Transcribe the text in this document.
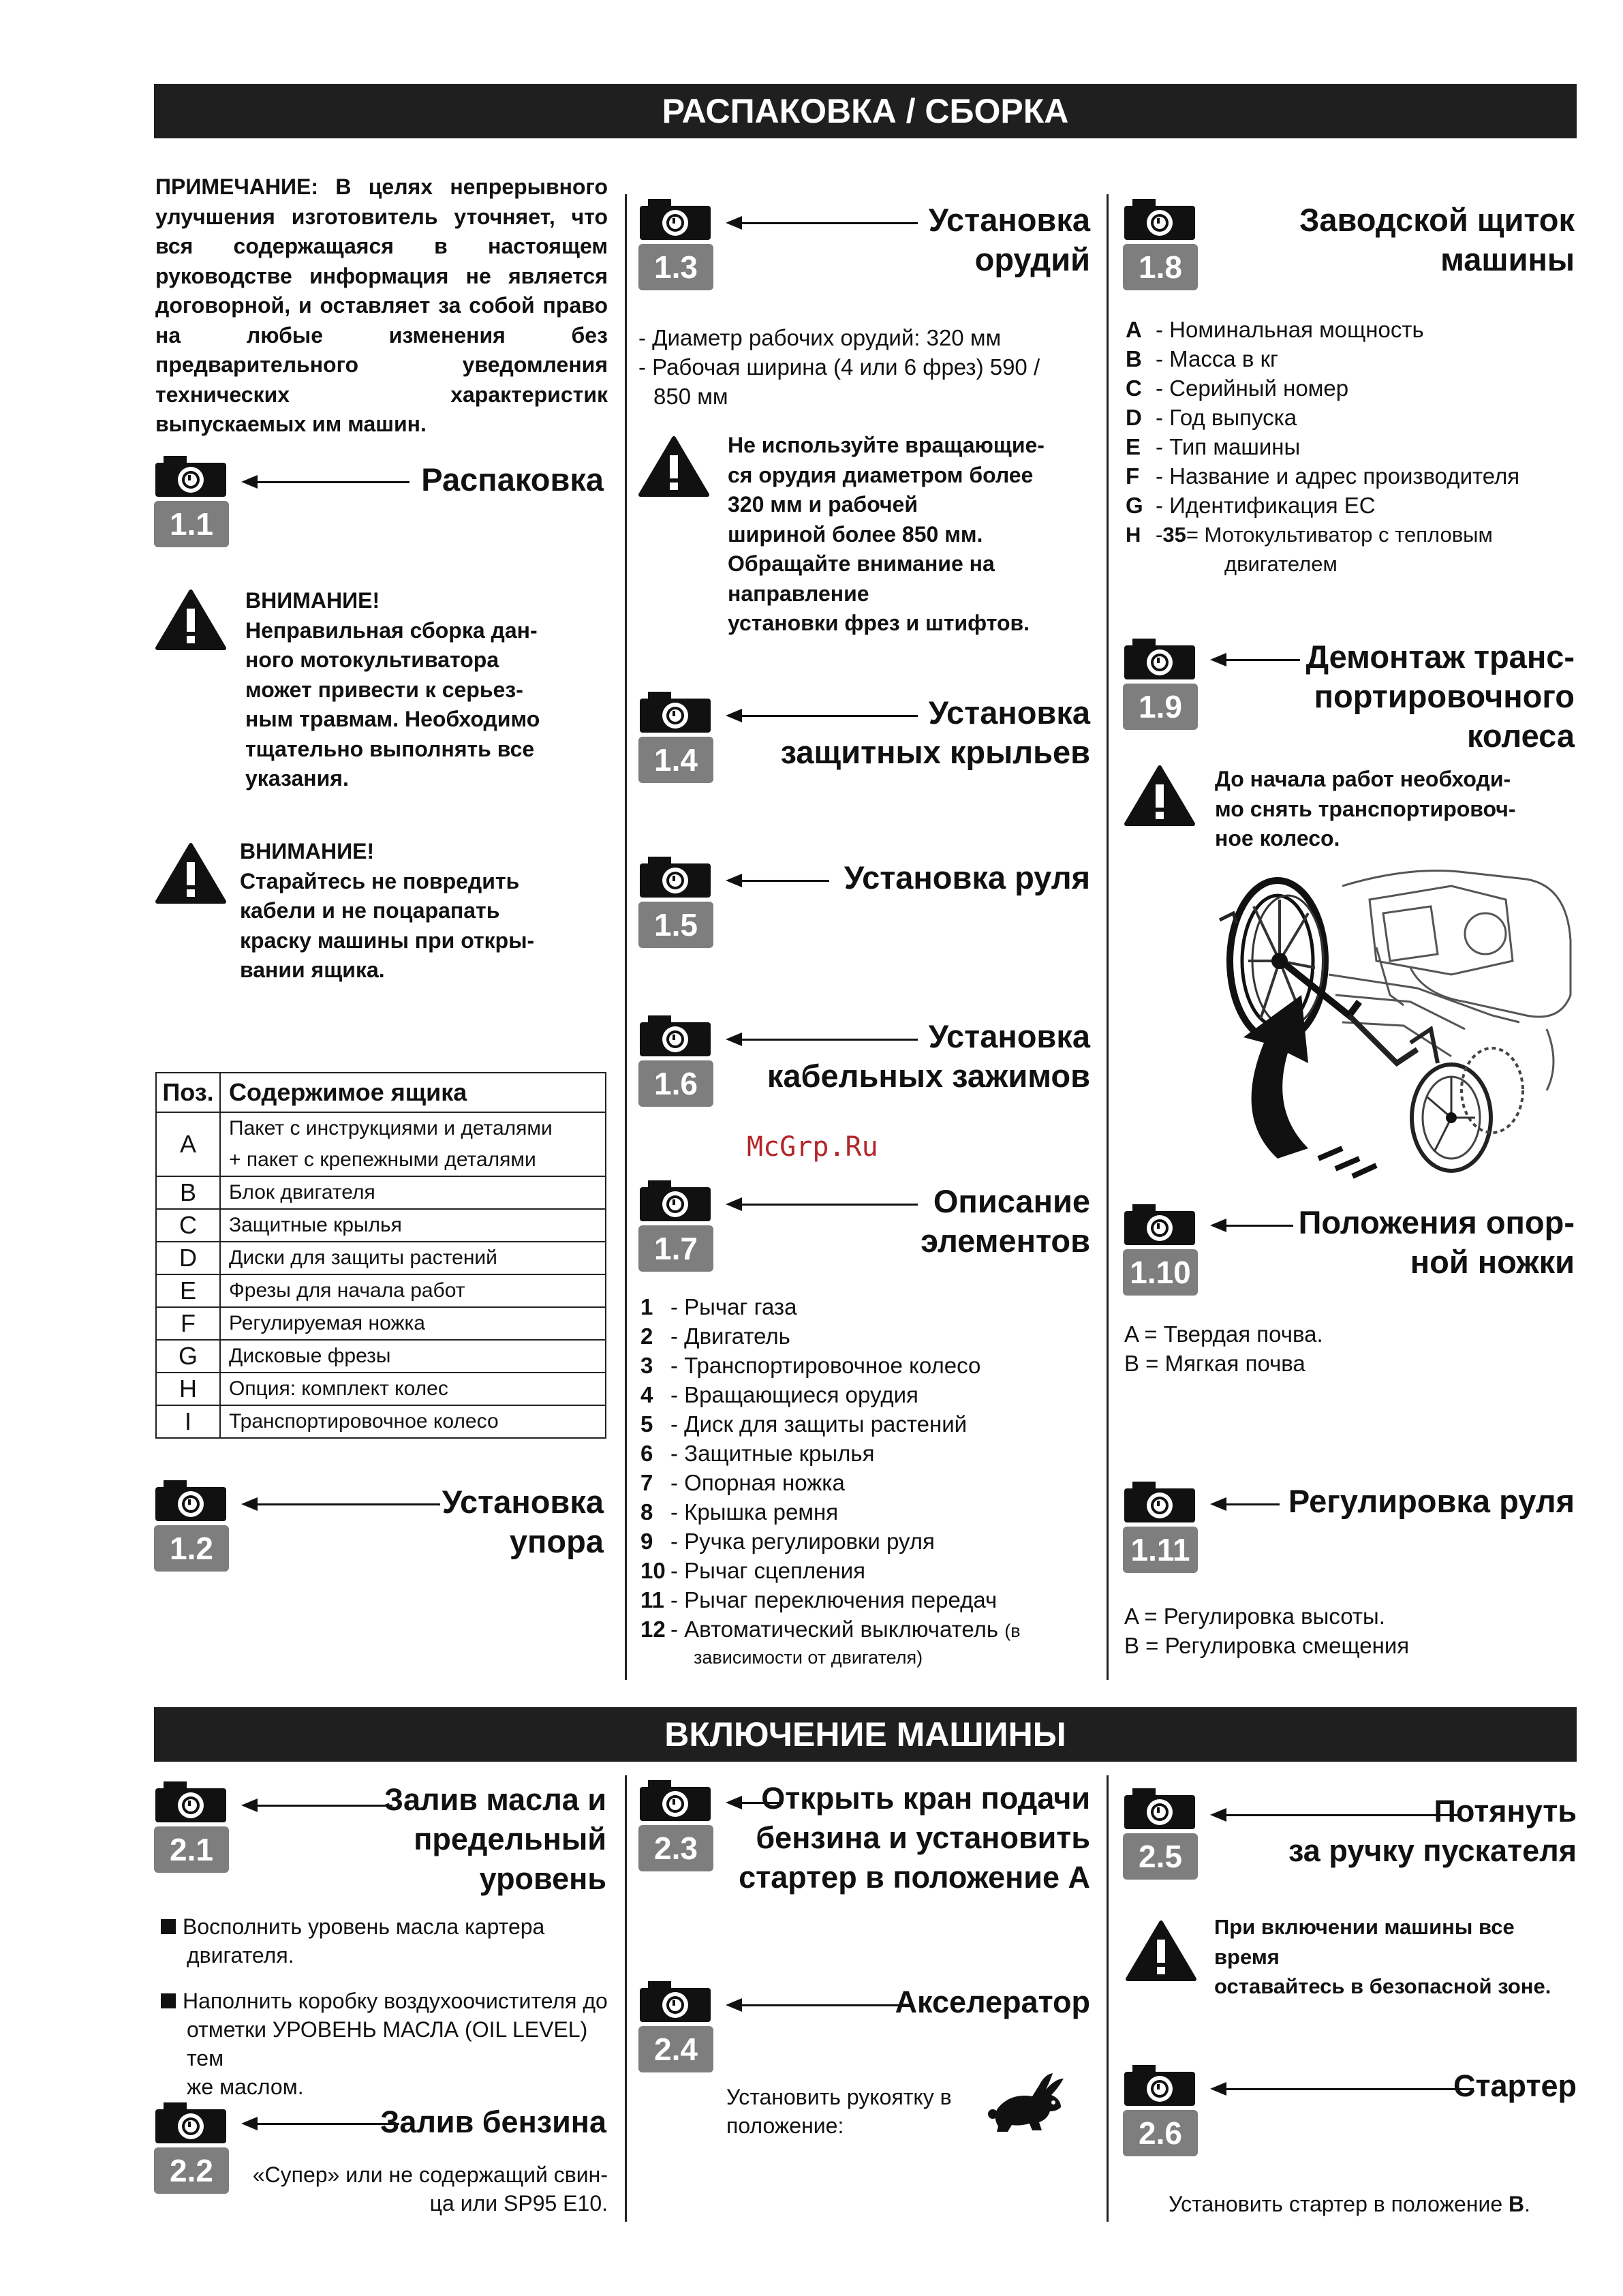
РАСПАКОВКА / СБОРКА
ВКЛЮЧЕНИЕ МАШИНЫ
ПРИМЕЧАНИЕ: В целях непрерывного улучшения изготовитель уточняет, что вся содержащаяся в настоящем руководстве информация не является договорной, и оставляет за собой право на любые изменения без предварительного уведомления технических характеристик выпускаемых им машин.
1.1
Распаковка
ВНИМАНИЕ!
Неправильная сборка дан-
ного мотокультиватора
может привести к серьез-
ным травмам. Необходимо
тщательно выполнять все
указания.
ВНИМАНИЕ!
Старайтесь не повредить
кабели и не поцарапать
краску машины при откры-
вании ящика.
Поз.	Содержимое ящика
A	Пакет с инструкциями и деталями
+ пакет с крепежными деталями

B	Блок двигателя
C	Защитные крылья
D	Диски для защиты растений
E	Фрезы для начала работ
F	Регулируемая ножка
G	Дисковые фрезы
H	Опция: комплект колес
I	Транспортировочное колесо
1.2
Установка
упора
1.3
Установка
орудий
- Диаметр рабочих орудий: 320 мм
- Рабочая ширина (4 или 6 фрез) 590 /
850 мм
Не используйте вращающие-
ся орудия диаметром более
320 мм и рабочей
шириной более 850 мм.
Обращайте внимание на
направление
установки фрез и штифтов.
1.4
Установка
защитных крыльев
1.5
Установка руля
1.6
Установка
кабельных зажимов
McGrp.Ru
1.7
Описание
элементов
1 - Рычаг газа
2 - Двигатель
3 - Транспортировочное колесо
4 - Вращающиеся орудия
5 - Диск для защиты растений
6 - Защитные крылья
7 - Опорная ножка
8 - Крышка ремня
9 - Ручка регулировки руля
10 - Рычаг сцепления
11 - Рычаг переключения передач
12 - Автоматический выключатель (в
зависимости от двигателя)
1.8
Заводской щиток
машины
A - Номинальная мощность
B - Масса в кг
C - Серийный номер
D - Год выпуска
E - Тип машины
F - Название и адрес производителя
G - Идентификация ЕС
H - 35 = Мотокультиватор с тепловым
двигателем
1.9
Демонтаж транс-
портировочного
колеса
До начала работ необходи-
мо снять транспортировоч-
ное колесо.
1.10
Положения опор-
ной ножки
A = Твердая почва.
B = Мягкая почва
1.11
Регулировка руля
A = Регулировка высоты.
B = Регулировка смещения
2.1
Залив масла и
предельный
уровень
Восполнить уровень масла картера
двигателя.
Наполнить коробку воздухоочистителя до
отметки УРОВЕНЬ МАСЛА (OIL LEVEL) тем
же маслом.
2.2
Залив бензина
«Супер» или не содержащий свин-
ца или SP95 E10.
2.3
Открыть кран подачи
бензина и установить
стартер в положение A
2.4
Акселератор
Установить рукоятку в
положение:
2.5
Потянуть
за ручку пускателя
При включении машины все время
оставайтесь в безопасной зоне.
2.6
Стартер
Установить стартер в положение B.
